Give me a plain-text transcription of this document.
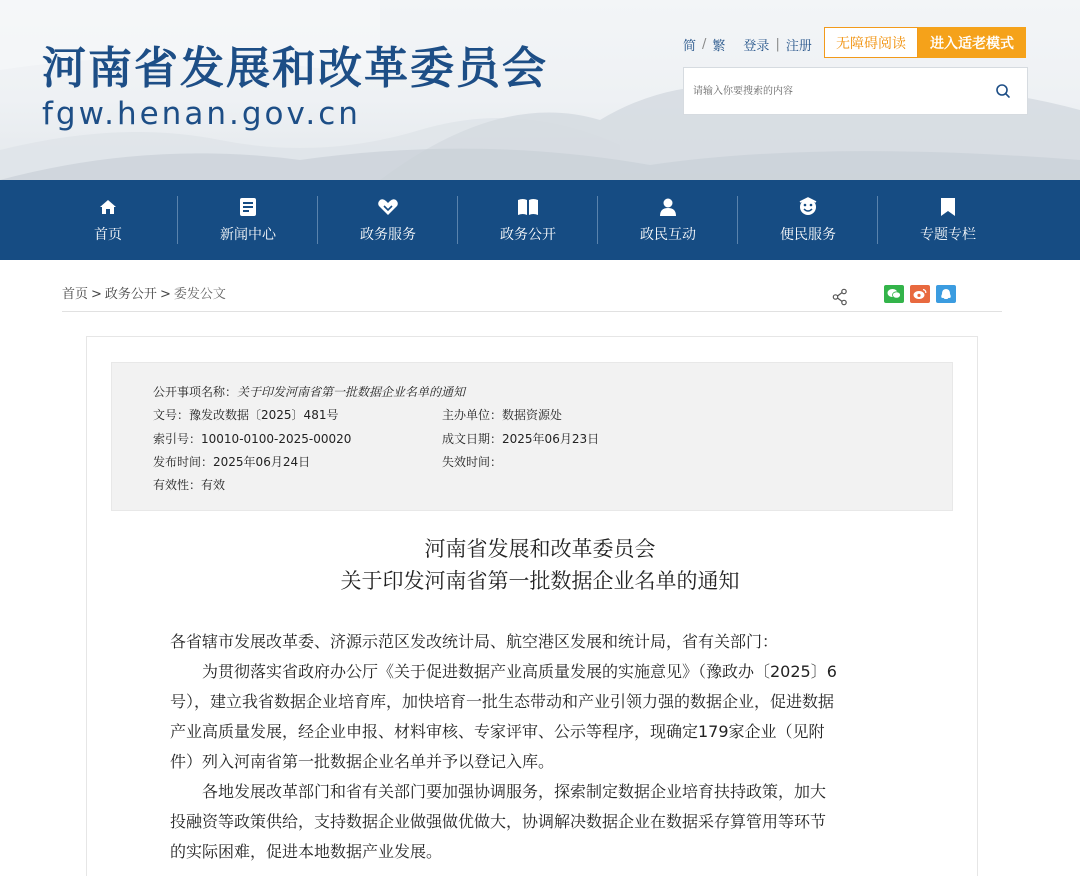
河南省发展和改革委员会
fgw.henan.gov.cn
简 / 繁 登录 | 注册	无障碍阅读	进入适老模式
请输入你要搜索的内容
首页	新闻中心	政务服务	政务公开	政民互动	便民服务	专题专栏
首页 > 政务公开 > 委发公文
公开事项名称：关于印发河南省第一批数据企业名单的通知
文号：豫发改数据〔2025〕481号	主办单位：数据资源处
索引号：10010-0100-2025-00020	成文日期：2025年06月23日
发布时间：2025年06月24日	失效时间：
有效性：有效
河南省发展和改革委员会
关于印发河南省第一批数据企业名单的通知

各省辖市发展改革委、济源示范区发改统计局、航空港区发展和统计局，省有关部门：

为贯彻落实省政府办公厅《关于促进数据产业高质量发展的实施意见》（豫政办〔2025〕6

号），建立我省数据企业培育库，加快培育一批生态带动和产业引领力强的数据企业，促进数据

产业高质量发展，经企业申报、材料审核、专家评审、公示等程序，现确定179家企业（见附

件）列入河南省第一批数据企业名单并予以登记入库。

各地发展改革部门和省有关部门要加强协调服务，探索制定数据企业培育扶持政策，加大

投融资等政策供给，支持数据企业做强做优做大，协调解决数据企业在数据采存算管用等环节

的实际困难，促进本地数据产业发展。
